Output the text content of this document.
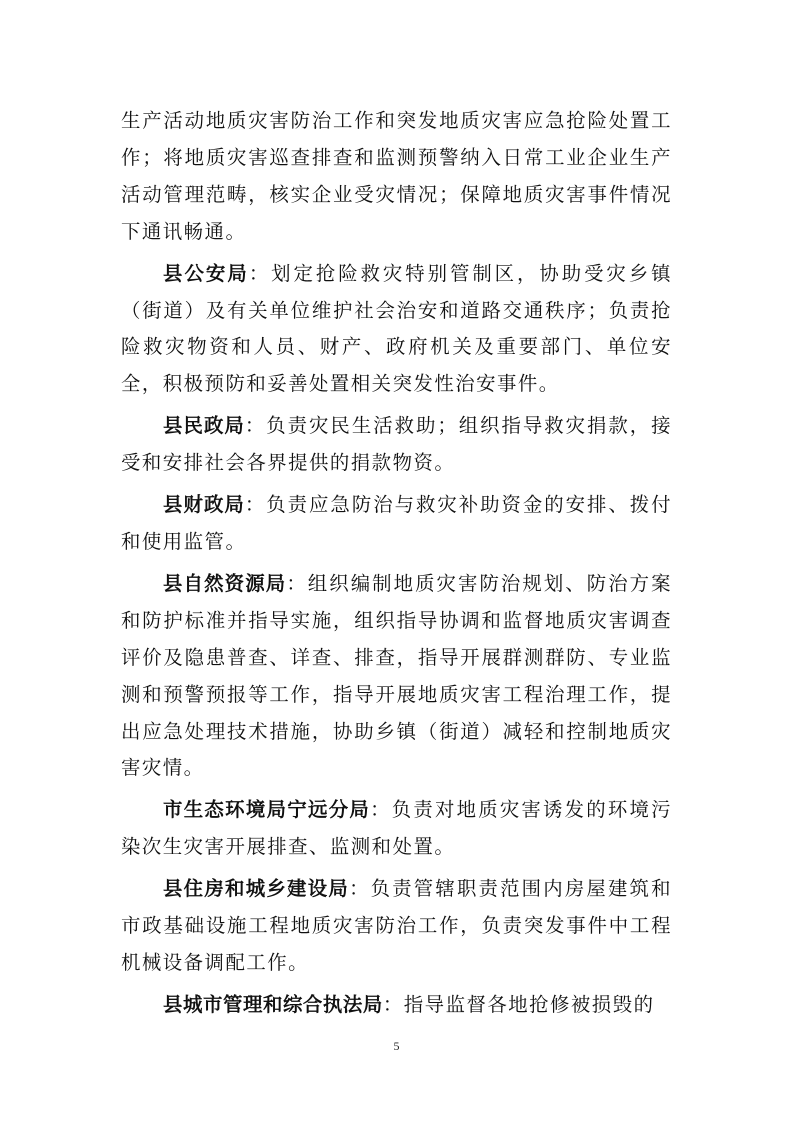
生产活动地质灾害防治工作和突发地质灾害应急抢险处置工作；将地质灾害巡查排查和监测预警纳入日常工业企业生产活动管理范畴，核实企业受灾情况；保障地质灾害事件情况下通讯畅通。

县公安局：划定抢险救灾特别管制区，协助受灾乡镇（街道）及有关单位维护社会治安和道路交通秩序；负责抢险救灾物资和人员、财产、政府机关及重要部门、单位安全，积极预防和妥善处置相关突发性治安事件。

县民政局：负责灾民生活救助；组织指导救灾捐款，接受和安排社会各界提供的捐款物资。

县财政局：负责应急防治与救灾补助资金的安排、拨付和使用监管。

县自然资源局：组织编制地质灾害防治规划、防治方案和防护标准并指导实施，组织指导协调和监督地质灾害调查评价及隐患普查、详查、排查，指导开展群测群防、专业监测和预警预报等工作，指导开展地质灾害工程治理工作，提出应急处理技术措施，协助乡镇（街道）减轻和控制地质灾害灾情。

市生态环境局宁远分局：负责对地质灾害诱发的环境污染次生灾害开展排查、监测和处置。

县住房和城乡建设局：负责管辖职责范围内房屋建筑和市政基础设施工程地质灾害防治工作，负责突发事件中工程机械设备调配工作。

县城市管理和综合执法局：指导监督各地抢修被损毁的

5
